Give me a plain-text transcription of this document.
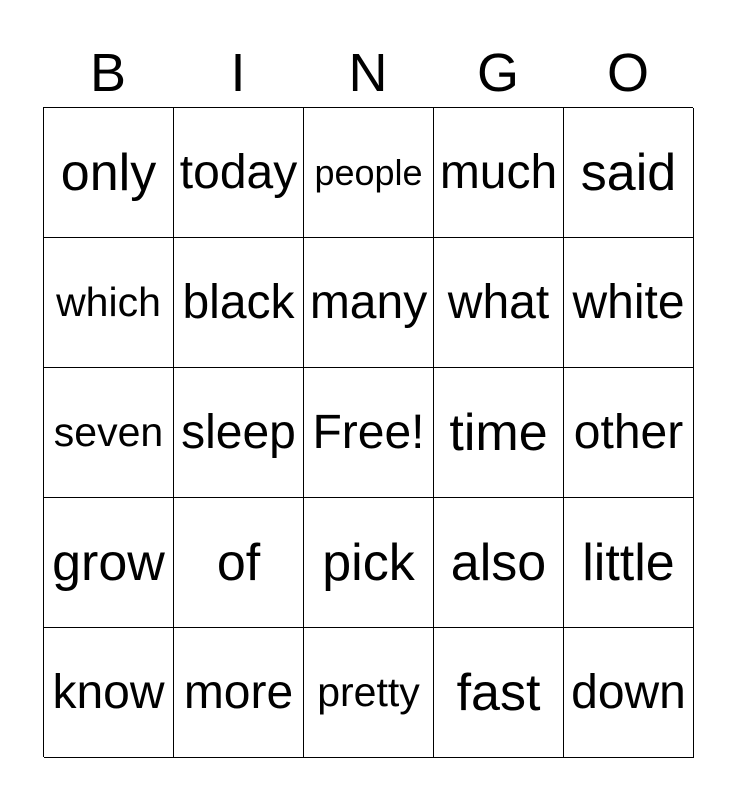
B	I	N	G	O
only today people much said
which black many what white
seven sleep Free! time other
grow of pick also little
know more pretty fast down
